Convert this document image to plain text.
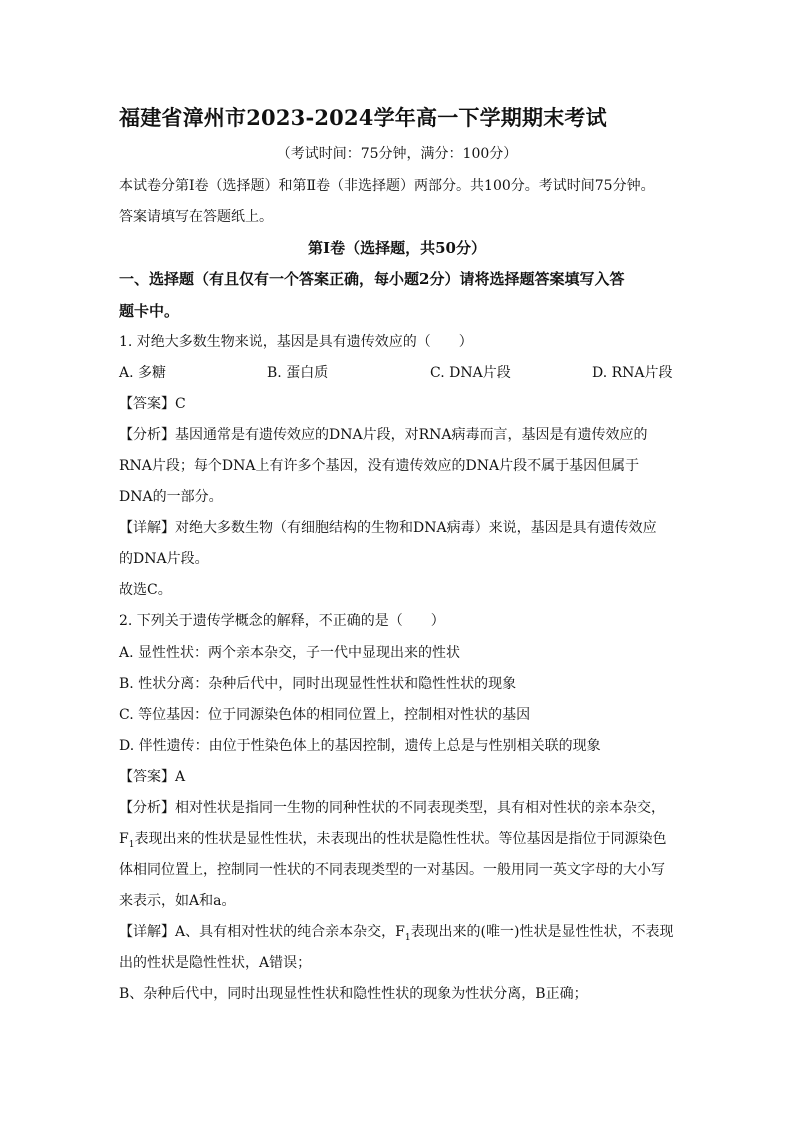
福建省漳州市2023-2024学年高一下学期期末考试
（考试时间：75分钟，满分：100分）
本试卷分第Ⅰ卷（选择题）和第Ⅱ卷（非选择题）两部分。共100分。考试时间75分钟。
答案请填写在答题纸上。
第Ⅰ卷（选择题，共50分）
一、选择题（有且仅有一个答案正确，每小题2分）请将选择题答案填写入答
题卡中。
1. 对绝大多数生物来说，基因是具有遗传效应的（　　）
A. 多糖	B. 蛋白质	C. DNA片段	D. RNA片段
【答案】C
【分析】基因通常是有遗传效应的DNA片段，对RNA病毒而言，基因是有遗传效应的
RNA片段；每个DNA上有许多个基因，没有遗传效应的DNA片段不属于基因但属于
DNA的一部分。
【详解】对绝大多数生物（有细胞结构的生物和DNA病毒）来说，基因是具有遗传效应
的DNA片段。
故选C。
2. 下列关于遗传学概念的解释，不正确的是（　　）
A. 显性性状：两个亲本杂交，子一代中显现出来的性状
B. 性状分离：杂种后代中，同时出现显性性状和隐性性状的现象
C. 等位基因：位于同源染色体的相同位置上，控制相对性状的基因
D. 伴性遗传：由位于性染色体上的基因控制，遗传上总是与性别相关联的现象
【答案】A
【分析】相对性状是指同一生物的同种性状的不同表现类型，具有相对性状的亲本杂交，
$F_1$表现出来的性状是显性性状，未表现出的性状是隐性性状。等位基因是指位于同源染色
体相同位置上，控制同一性状的不同表现类型的一对基因。一般用同一英文字母的大小写
来表示，如A和a。
【详解】A、具有相对性状的纯合亲本杂交，$F_1$表现出来的(唯一)性状是显性性状，不表现
出的性状是隐性性状，A错误；
B、杂种后代中，同时出现显性性状和隐性性状的现象为性状分离，B正确；
